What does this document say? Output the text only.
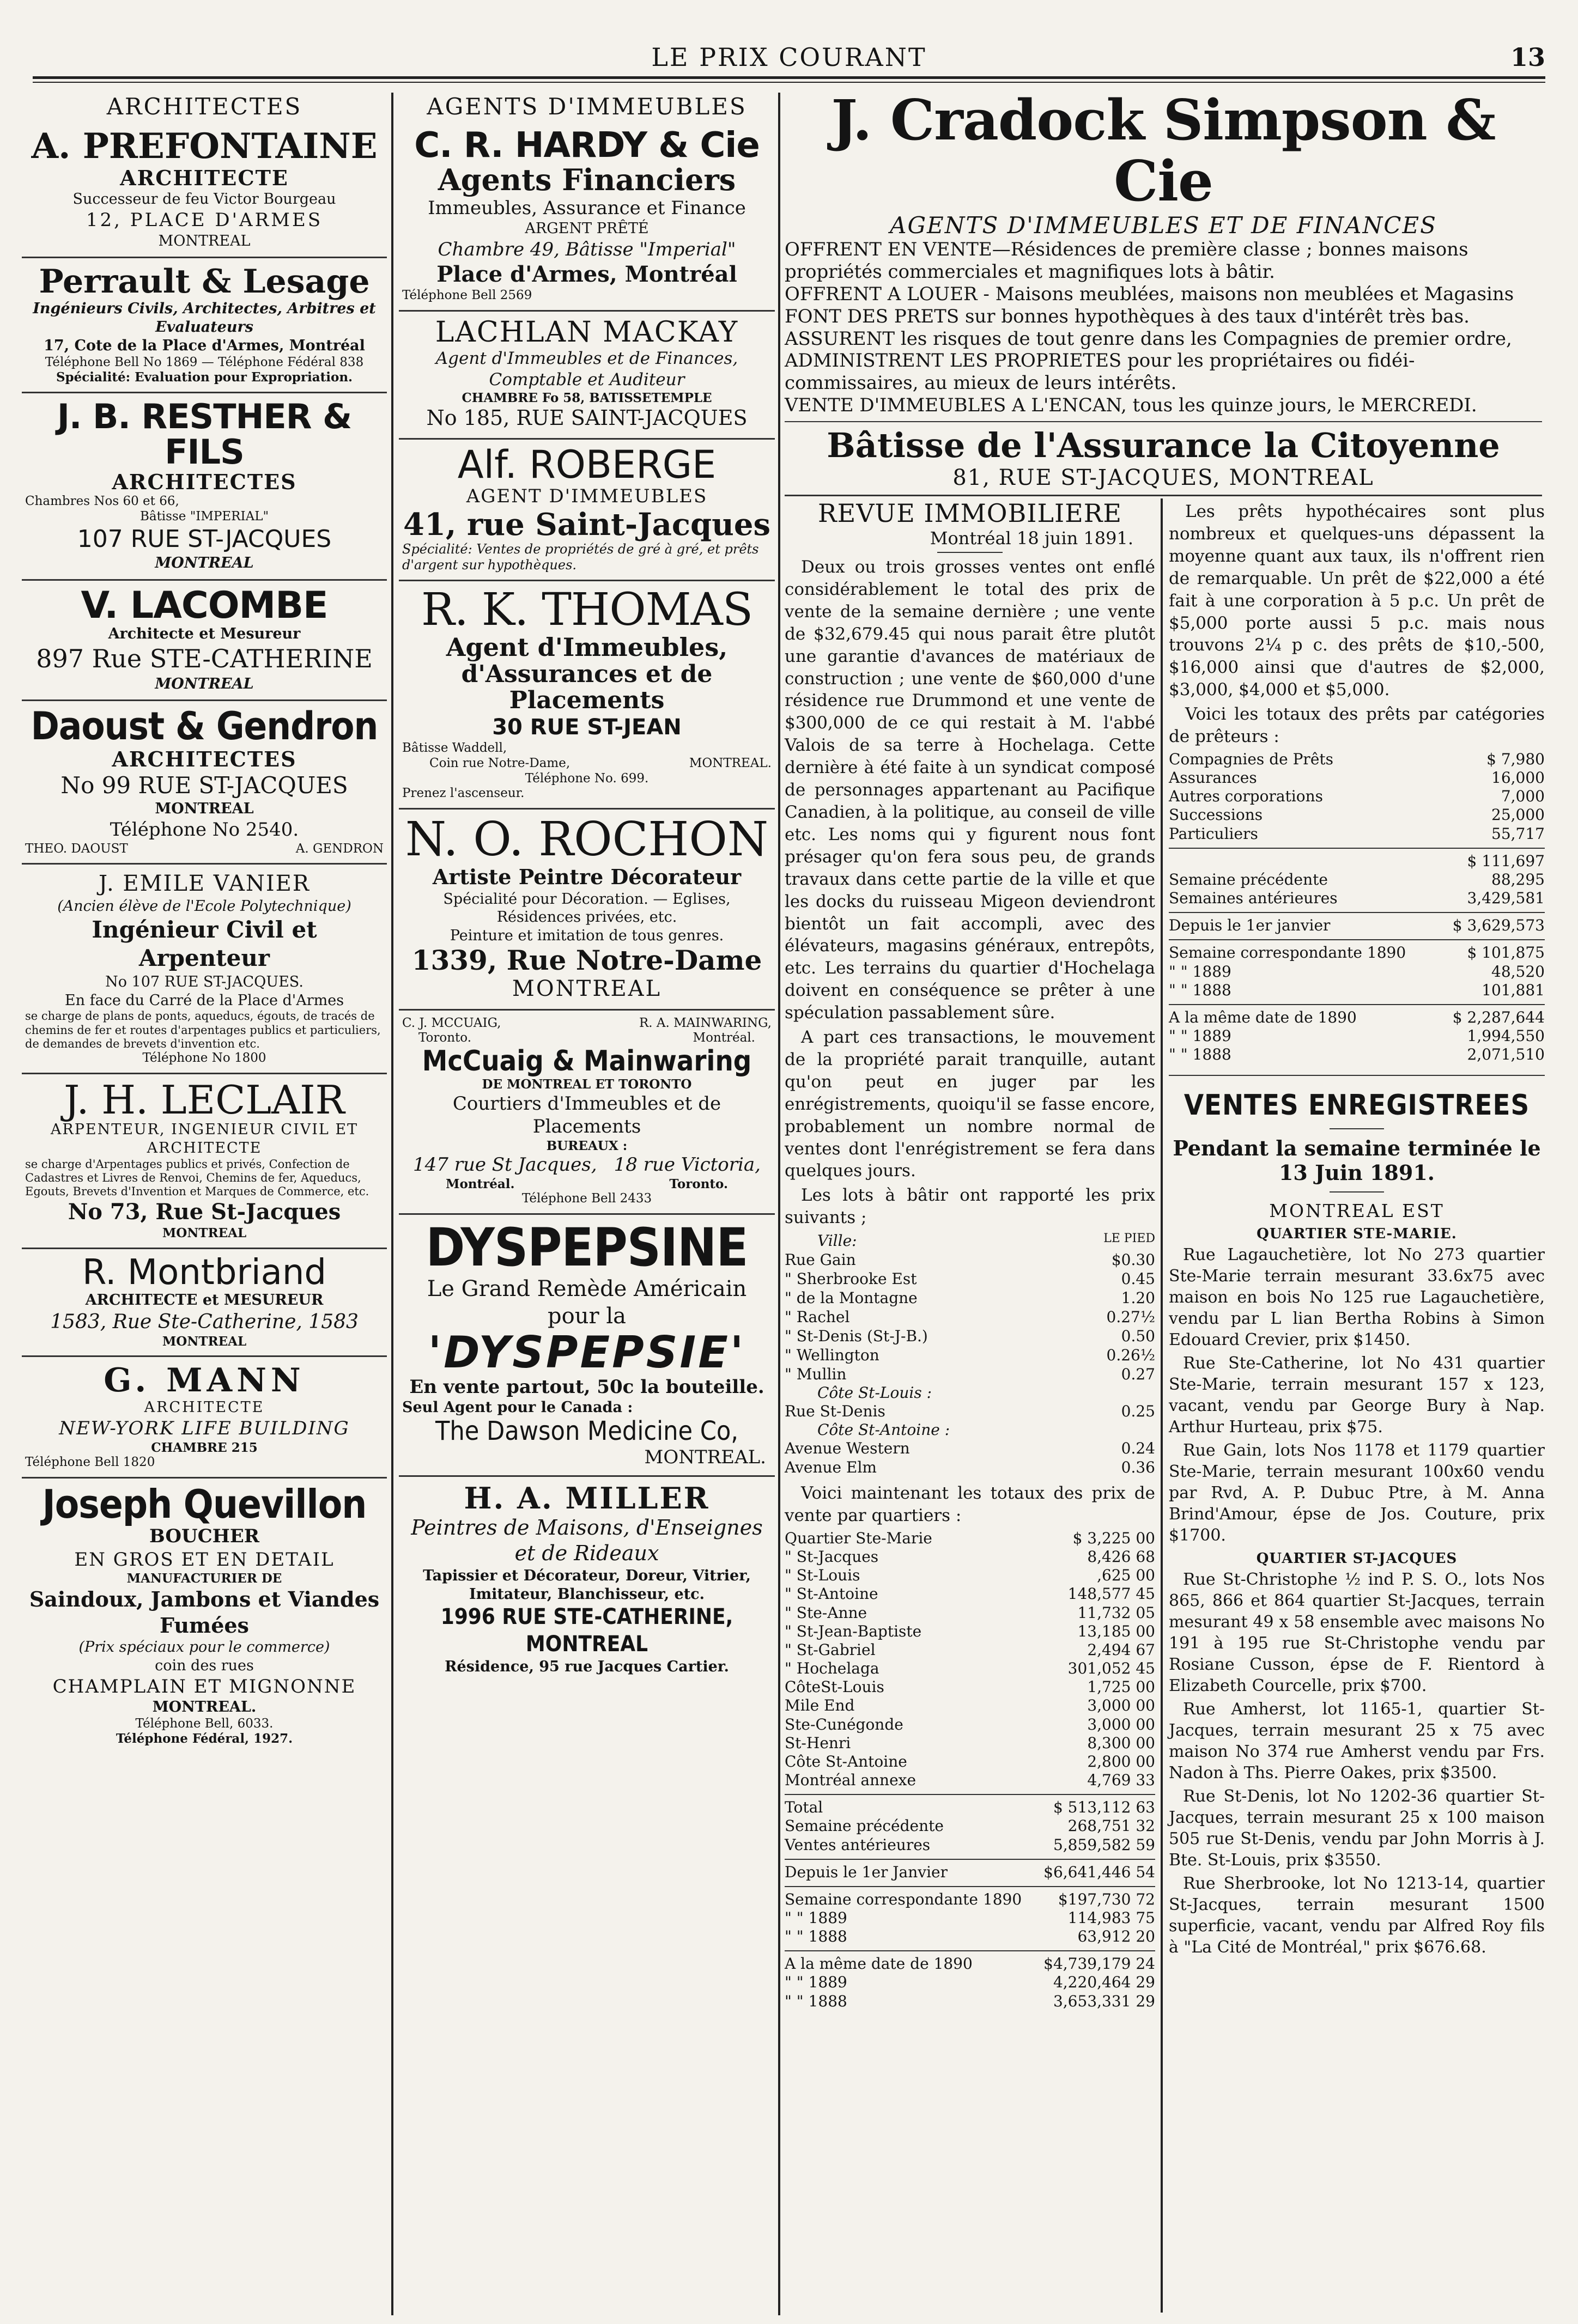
LE PRIX COURANT	13
ARCHITECTES
A. PREFONTAINE
ARCHITECTE
Successeur de feu Victor Bourgeau
12, PLACE D'ARMES
MONTREAL
Perrault & Lesage
Ingénieurs Civils, Architectes, Arbitres et Evaluateurs
17, Cote de la Place d'Armes, Montréal
Téléphone Bell No 1869 — Téléphone Fédéral 838
Spécialité: Evaluation pour Expropriation.
J. B. RESTHER & FILS
ARCHITECTES
Chambres Nos 60 et 66,
Bâtisse "IMPERIAL"
107 RUE ST-JACQUES
MONTREAL
V. LACOMBE
Architecte et Mesureur
897 Rue STE-CATHERINE
MONTREAL
Daoust & Gendron
ARCHITECTES
No 99 RUE ST-JACQUES
MONTREAL
Téléphone No 2540.
THEO. DAOUST	A. GENDRON
J. EMILE VANIER
(Ancien élève de l'Ecole Polytechnique)
Ingénieur Civil et Arpenteur
No 107 RUE ST-JACQUES.
En face du Carré de la Place d'Armes
se charge de plans de ponts, aqueducs, égouts, de tracés de chemins de fer et routes d'arpentages publics et particuliers, de demandes de brevets d'invention etc.
Téléphone No 1800
J. H. LECLAIR
ARPENTEUR, INGENIEUR CIVIL ET ARCHITECTE
se charge d'Arpentages publics et privés, Confection de Cadastres et Livres de Renvoi, Chemins de fer, Aqueducs, Egouts, Brevets d'Invention et Marques de Commerce, etc.
No 73, Rue St-Jacques
MONTREAL
R. Montbriand
ARCHITECTE et MESUREUR
1583, Rue Ste-Catherine, 1583
MONTREAL
G. MANN
ARCHITECTE
NEW-YORK LIFE BUILDING
CHAMBRE 215
Téléphone Bell 1820
Joseph Quevillon
BOUCHER
EN GROS ET EN DETAIL
MANUFACTURIER DE
Saindoux, Jambons et Viandes Fumées
(Prix spéciaux pour le commerce)
coin des rues
CHAMPLAIN ET MIGNONNE
MONTREAL.
Téléphone Bell, 6033.
Téléphone Fédéral, 1927.
AGENTS D'IMMEUBLES
C. R. HARDY & Cie
Agents Financiers
Immeubles, Assurance et Finance
ARGENT PRÊTÉ
Chambre 49, Bâtisse "Imperial"
Place d'Armes, Montréal
Téléphone Bell 2569
LACHLAN MACKAY
Agent d'Immeubles et de Finances, Comptable et Auditeur
CHAMBRE Fo 58, BATISSETEMPLE
No 185, RUE SAINT-JACQUES
Alf. ROBERGE
AGENT D'IMMEUBLES
41, rue Saint-Jacques
Spécialité: Ventes de propriétés de gré à gré, et prêts d'argent sur hypothèques.
R. K. THOMAS
Agent d'Immeubles,
d'Assurances et de Placements
30 RUE ST-JEAN
Bâtisse Waddell,
Coin rue Notre-Dame,	MONTREAL.
Téléphone No. 699.
Prenez l'ascenseur.
N. O. ROCHON
Artiste Peintre Décorateur
Spécialité pour Décoration. — Eglises, Résidences privées, etc.
Peinture et imitation de tous genres.
1339, Rue Notre-Dame
MONTREAL
C. J. MCCUAIG,	R. A. MAINWARING,
Toronto.	Montréal.
McCuaig & Mainwaring
DE MONTREAL ET TORONTO
Courtiers d'Immeubles et de Placements
BUREAUX :
147 rue St Jacques, 18 rue Victoria,
Montréal.	Toronto.
Téléphone Bell 2433
DYSPEPSINE
Le Grand Remède Américain
pour la
'DYSPEPSIE'
En vente partout, 50c la bouteille.
Seul Agent pour le Canada :
The Dawson Medicine Co,
MONTREAL.
H. A. MILLER
Peintres de Maisons, d'Enseignes et de Rideaux
Tapissier et Décorateur, Doreur, Vitrier, Imitateur, Blanchisseur, etc.
1996 RUE STE-CATHERINE, MONTREAL
Résidence, 95 rue Jacques Cartier.
J. Cradock Simpson & Cie
AGENTS D'IMMEUBLES ET DE FINANCES
OFFRENT EN VENTE—Résidences de première classe ; bonnes maisons propriétés commerciales et magnifiques lots à bâtir.
OFFRENT A LOUER - Maisons meublées, maisons non meublées et Magasins
FONT DES PRETS sur bonnes hypothèques à des taux d'intérêt très bas.
ASSURENT les risques de tout genre dans les Compagnies de premier ordre,
ADMINISTRENT LES PROPRIETES pour les propriétaires ou fidéi-commissaires, au mieux de leurs intérêts.
VENTE D'IMMEUBLES A L'ENCAN, tous les quinze jours, le MERCREDI.
Bâtisse de l'Assurance la Citoyenne
81, RUE ST-JACQUES, MONTREAL
REVUE IMMOBILIERE
Montréal 18 juin 1891.

Deux ou trois grosses ventes ont enflé considérablement le total des prix de vente de la semaine dernière ; une vente de $32,679.45 qui nous parait être plutôt une garantie d'avances de matériaux de construction ; une vente de $60,000 d'une résidence rue Drummond et une vente de $300,000 de ce qui restait à M. l'abbé Valois de sa terre à Hochelaga. Cette dernière à été faite à un syndicat composé de personnages appartenant au Pacifique Canadien, à la politique, au conseil de ville etc. Les noms qui y figurent nous font présager qu'on fera sous peu, de grands travaux dans cette partie de la ville et que les docks du ruisseau Migeon deviendront bientôt un fait accompli, avec des élévateurs, magasins généraux, entrepôts, etc. Les terrains du quartier d'Hochelaga doivent en conséquence se prêter à une spéculation passablement sûre.

A part ces transactions, le mouvement de la propriété parait tranquille, autant qu'on peut en juger par les enrégistrements, quoiqu'il se fasse encore, probablement un nombre normal de ventes dont l'enrégistrement se fera dans quelques jours.

Les lots à bâtir ont rapporté les prix suivants ;

Ville:	LE PIED
Rue Gain	$0.30
" Sherbrooke Est	0.45
" de la Montagne	1.20
" Rachel	0.27½
" St-Denis (St-J-B.)	0.50
" Wellington	0.26½
" Mullin	0.27
Côte St-Louis :
Rue St-Denis	0.25
Côte St-Antoine :
Avenue Western	0.24
Avenue Elm	0.36

Voici maintenant les totaux des prix de vente par quartiers :

Quartier Ste-Marie	$ 3,225 00
" St-Jacques	8,426 68
" St-Louis	,625 00
" St-Antoine	148,577 45
" Ste-Anne	11,732 05
" St-Jean-Baptiste	13,185 00
" St-Gabriel	2,494 67
" Hochelaga	301,052 45
CôteSt-Louis	1,725 00
Mile End	3,000 00
Ste-Cunégonde	3,000 00
St-Henri	8,300 00
Côte St-Antoine	2,800 00
Montréal annexe	4,769 33
Total	$ 513,112 63
Semaine précédente	268,751 32
Ventes antérieures	5,859,582 59
Depuis le 1er Janvier	$6,641,446 54
Semaine correspondante 1890	$197,730 72
" " 1889	114,983 75
" " 1888	63,912 20
A la même date de 1890	$4,739,179 24
" " 1889	4,220,464 29
" " 1888	3,653,331 29

Les prêts hypothécaires sont plus nombreux et quelques-uns dépassent la moyenne quant aux taux, ils n'offrent rien de remarquable. Un prêt de $22,000 a été fait à une corporation à 5 p.c. Un prêt de $5,000 porte aussi 5 p.c. mais nous trouvons 2¼ p c. des prêts de $10,-500, $16,000 ainsi que d'autres de $2,000, $3,000, $4,000 et $5,000.

Voici les totaux des prêts par catégories de prêteurs :

Compagnies de Prêts	$ 7,980
Assurances	16,000
Autres corporations	7,000
Successions	25,000
Particuliers	55,717
$ 111,697
Semaine précédente	88,295
Semaines antérieures	3,429,581
Depuis le 1er janvier	$ 3,629,573
Semaine correspondante 1890	$ 101,875
" " 1889	48,520
" " 1888	101,881
A la même date de 1890	$ 2,287,644
" " 1889	1,994,550
" " 1888	2,071,510
VENTES ENREGISTREES
Pendant la semaine terminée le 13 Juin 1891.
MONTREAL EST
QUARTIER STE-MARIE.

Rue Lagauchetière, lot No 273 quartier Ste-Marie terrain mesurant 33.6x75 avec maison en bois No 125 rue Lagauchetière, vendu par L lian Bertha Robins à Simon Edouard Crevier, prix $1450.

Rue Ste-Catherine, lot No 431 quartier Ste-Marie, terrain mesurant 157 x 123, vacant, vendu par George Bury à Nap. Arthur Hurteau, prix $75.

Rue Gain, lots Nos 1178 et 1179 quartier Ste-Marie, terrain mesurant 100x60 vendu par Rvd, A. P. Dubuc Ptre, à M. Anna Brind'Amour, épse de Jos. Couture, prix $1700.

QUARTIER ST-JACQUES

Rue St-Christophe ½ ind P. S. O., lots Nos 865, 866 et 864 quartier St-Jacques, terrain mesurant 49 x 58 ensemble avec maisons No 191 à 195 rue St-Christophe vendu par Rosiane Cusson, épse de F. Rientord à Elizabeth Courcelle, prix $700.

Rue Amherst, lot 1165-1, quartier St-Jacques, terrain mesurant 25 x 75 avec maison No 374 rue Amherst vendu par Frs. Nadon à Ths. Pierre Oakes, prix $3500.

Rue St-Denis, lot No 1202-36 quartier St-Jacques, terrain mesurant 25 x 100 maison 505 rue St-Denis, vendu par John Morris à J. Bte. St-Louis, prix $3550.

Rue Sherbrooke, lot No 1213-14, quartier St-Jacques, terrain mesurant 1500 superficie, vacant, vendu par Alfred Roy fils à "La Cité de Montréal," prix $676.68.
